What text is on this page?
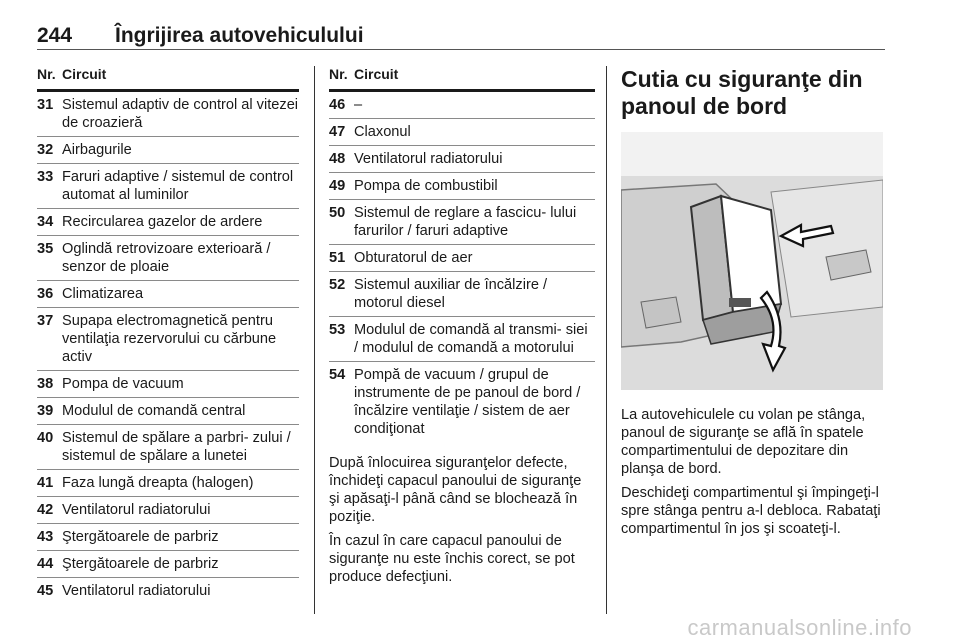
244 Îngrijirea autovehiculului
Nr. Circuit
31 Sistemul adaptiv de control al vitezei de croazieră
32 Airbagurile
33 Faruri adaptive / sistemul de control automat al luminilor
34 Recircularea gazelor de ardere
35 Oglindă retrovizoare exterioară / senzor de ploaie
36 Climatizarea
37 Supapa electromagnetică pentru ventilaţia rezervorului cu cărbune activ
38 Pompa de vacuum
39 Modulul de comandă central
40 Sistemul de spălare a parbri- zului / sistemul de spălare a lunetei
41 Faza lungă dreapta (halogen)
42 Ventilatorul radiatorului
43 Ştergătoarele de parbriz
44 Ştergătoarele de parbriz
45 Ventilatorul radiatorului
Nr. Circuit
46 –
47 Claxonul
48 Ventilatorul radiatorului
49 Pompa de combustibil
50 Sistemul de reglare a fascicu- lului farurilor / faruri adaptive
51 Obturatorul de aer
52 Sistemul auxiliar de încălzire / motorul diesel
53 Modulul de comandă al transmi- siei / modulul de comandă a motorului
54 Pompă de vacuum / grupul de instrumente de pe panoul de bord / încălzire ventilaţie / sistem de aer condiţionat

După înlocuirea siguranţelor defecte, închideţi capacul panoului de siguranţe şi apăsaţi-l până când se blochează în poziţie.

În cazul în care capacul panoului de siguranţe nu este închis corect, se pot produce defecţiuni.

Cutia cu siguranţe din panoul de bord

La autovehiculele cu volan pe stânga, panoul de siguranţe se află în spatele compartimentului de depozitare din planşa de bord.

Deschideţi compartimentul şi împingeţi-l spre stânga pentru a-l debloca. Rabataţi compartimentul în jos şi scoateţi-l.

carmanualsonline.info
